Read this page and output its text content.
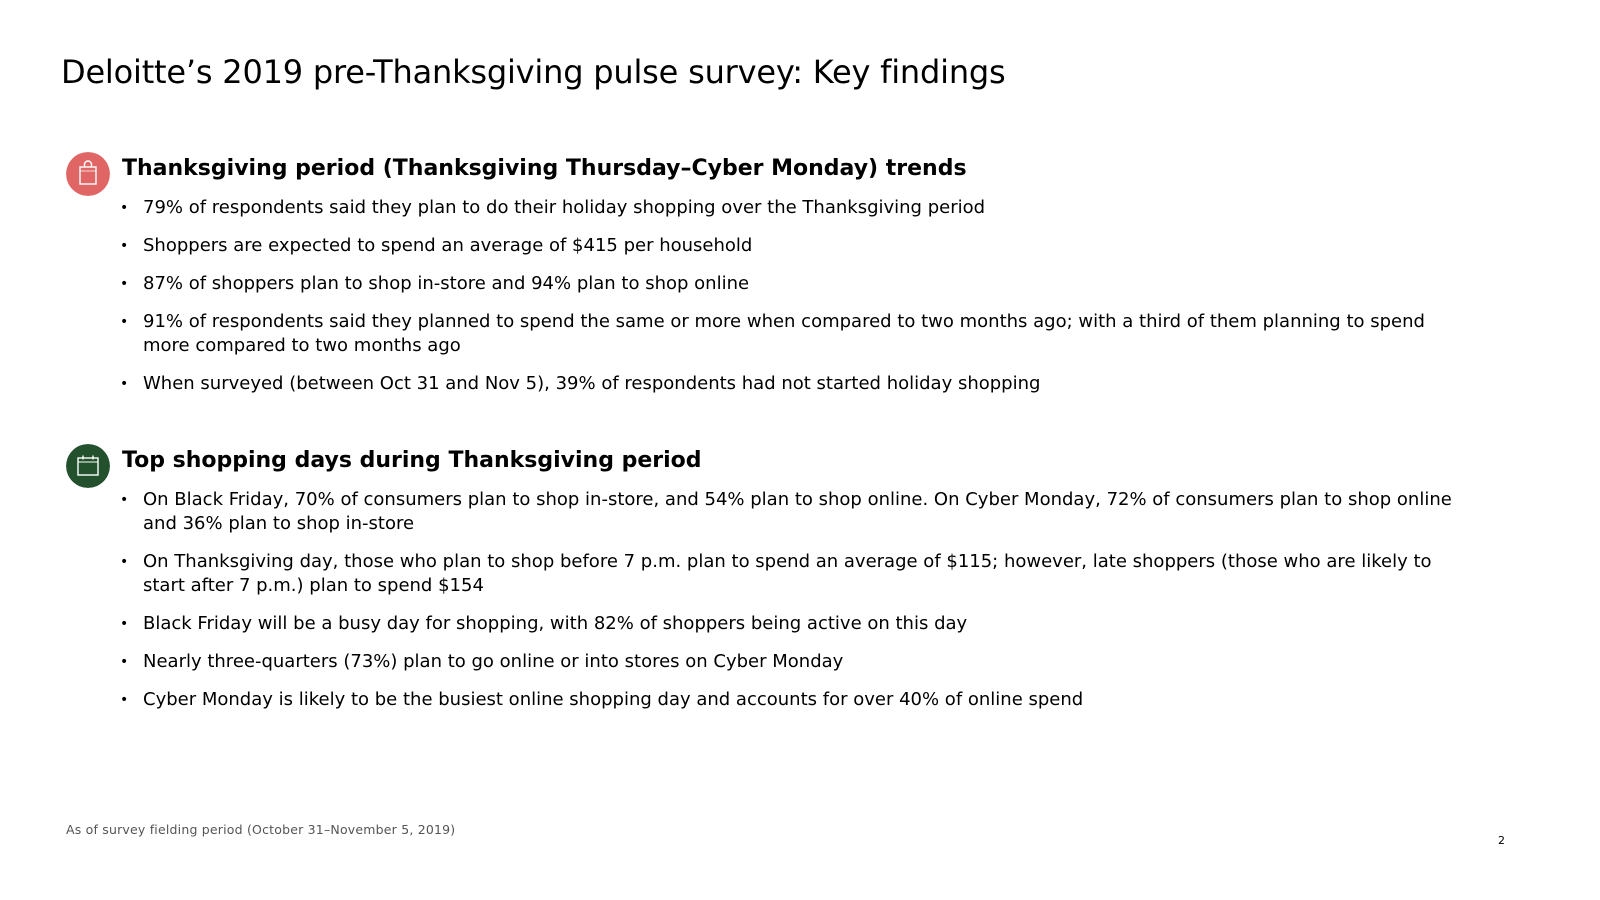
Deloitte’s 2019 pre-Thanksgiving pulse survey: Key findings
Thanksgiving period (Thanksgiving Thursday–Cyber Monday) trends
• 79% of respondents said they plan to do their holiday shopping over the Thanksgiving period
• Shoppers are expected to spend an average of $415 per household
• 87% of shoppers plan to shop in-store and 94% plan to shop online
• 91% of respondents said they planned to spend the same or more when compared to two months ago; with a third of them planning to spend more compared to two months ago
• When surveyed (between Oct 31 and Nov 5), 39% of respondents had not started holiday shopping
Top shopping days during Thanksgiving period
• On Black Friday, 70% of consumers plan to shop in-store, and 54% plan to shop online. On Cyber Monday, 72% of consumers plan to shop online and 36% plan to shop in-store
• On Thanksgiving day, those who plan to shop before 7 p.m. plan to spend an average of $115; however, late shoppers (those who are likely to start after 7 p.m.) plan to spend $154
• Black Friday will be a busy day for shopping, with 82% of shoppers being active on this day
• Nearly three-quarters (73%) plan to go online or into stores on Cyber Monday
• Cyber Monday is likely to be the busiest online shopping day and accounts for over 40% of online spend
As of survey fielding period (October 31–November 5, 2019)
2
